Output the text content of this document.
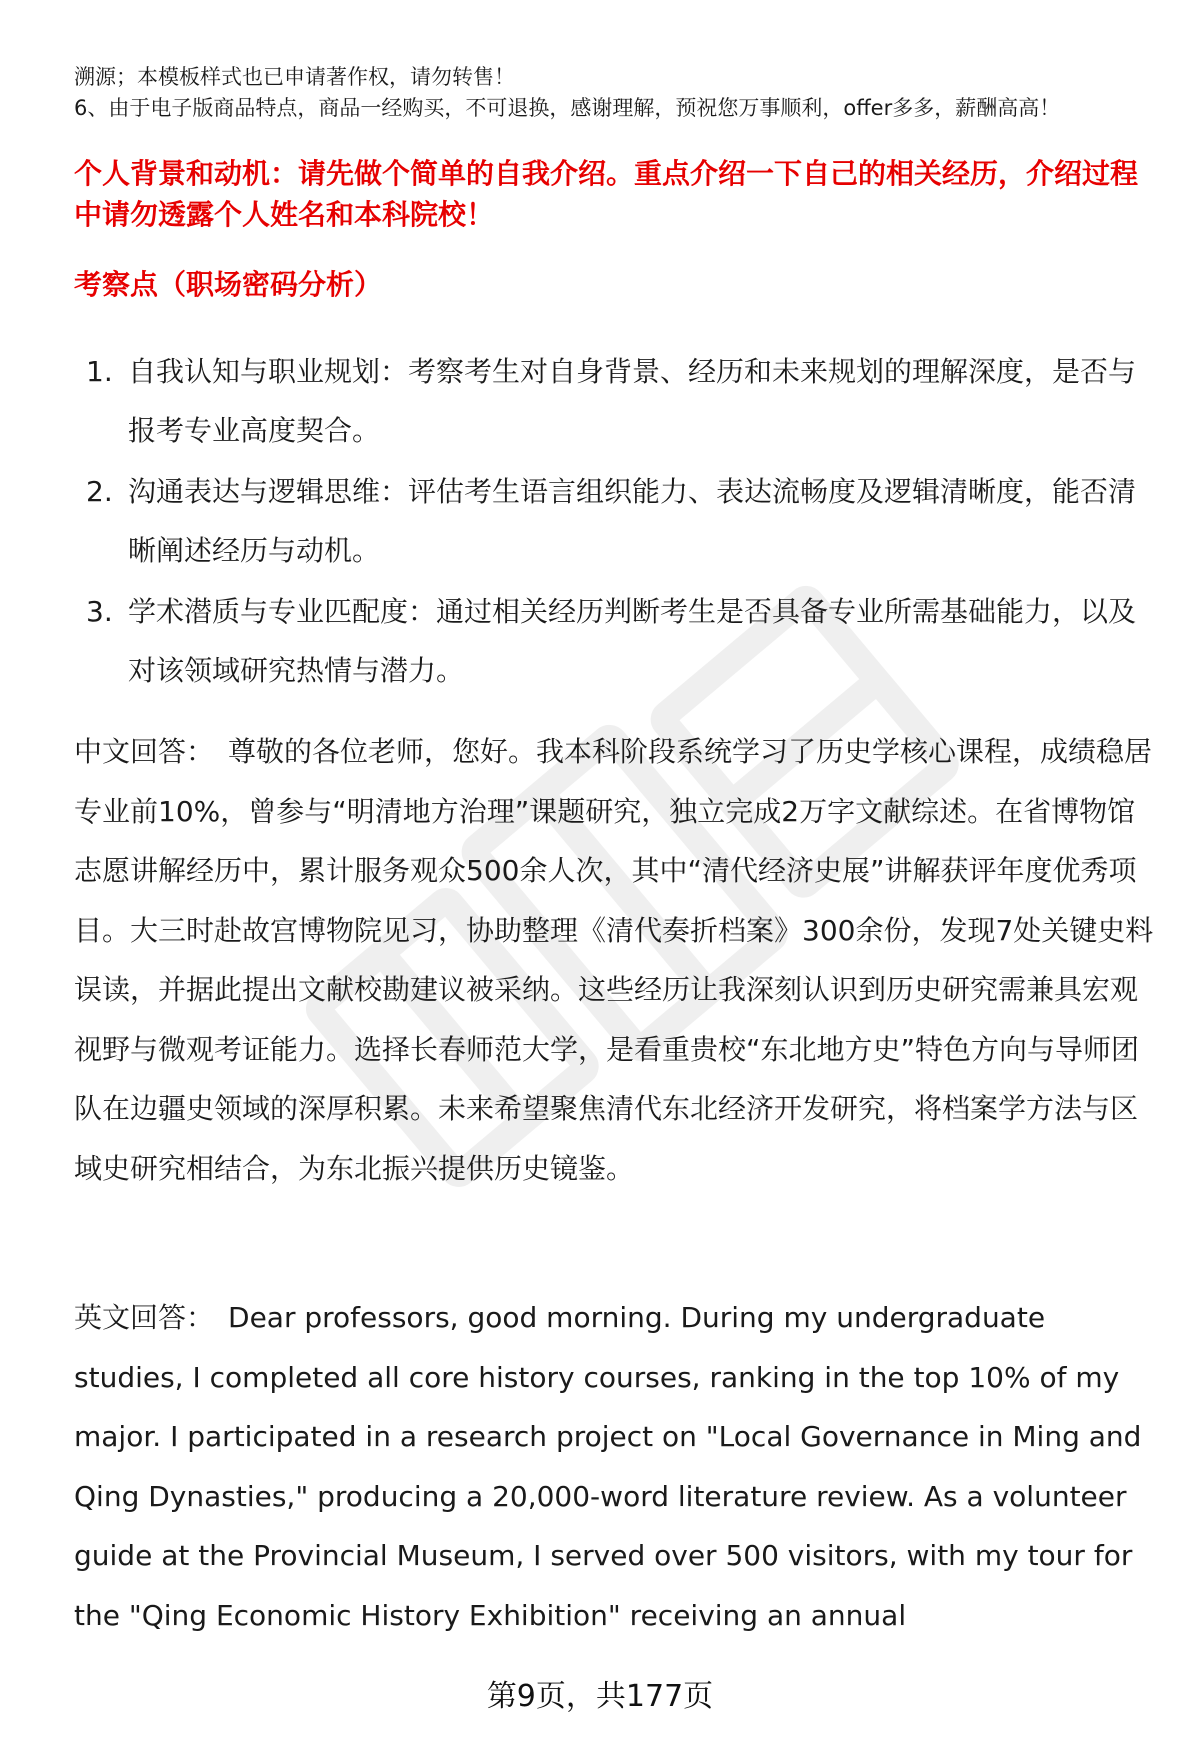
溯源；本模板样式也已申请著作权，请勿转售！
6、由于电子版商品特点，商品一经购买，不可退换，感谢理解，预祝您万事顺利，offer多多，薪酬高高！
个人背景和动机：请先做个简单的自我介绍。重点介绍一下自己的相关经历，介绍过程中请勿透露个人姓名和本科院校！
考察点（职场密码分析）
1. 自我认知与职业规划：考察考生对自身背景、经历和未来规划的理解深度，是否与报考专业高度契合。
2. 沟通表达与逻辑思维：评估考生语言组织能力、表达流畅度及逻辑清晰度，能否清晰阐述经历与动机。
3. 学术潜质与专业匹配度：通过相关经历判断考生是否具备专业所需基础能力，以及对该领域研究热情与潜力。

中文回答： 尊敬的各位老师，您好。我本科阶段系统学习了历史学核心课程，成绩稳居专业前10%，曾参与“明清地方治理”课题研究，独立完成2万字文献综述。在省博物馆志愿讲解经历中，累计服务观众500余人次，其中“清代经济史展”讲解获评年度优秀项目。大三时赴故宫博物院见习，协助整理《清代奏折档案》300余份，发现7处关键史料误读，并据此提出文献校勘建议被采纳。这些经历让我深刻认识到历史研究需兼具宏观视野与微观考证能力。选择长春师范大学，是看重贵校“东北地方史”特色方向与导师团队在边疆史领域的深厚积累。未来希望聚焦清代东北经济开发研究，将档案学方法与区域史研究相结合，为东北振兴提供历史镜鉴。

英文回答： Dear professors, good morning. During my undergraduate studies, I completed all core history courses, ranking in the top 10% of my major. I participated in a research project on "Local Governance in Ming and Qing Dynasties," producing a 20,000-word literature review. As a volunteer guide at the Provincial Museum, I served over 500 visitors, with my tour for the "Qing Economic History Exhibition" receiving an annual

第9页，共177页
